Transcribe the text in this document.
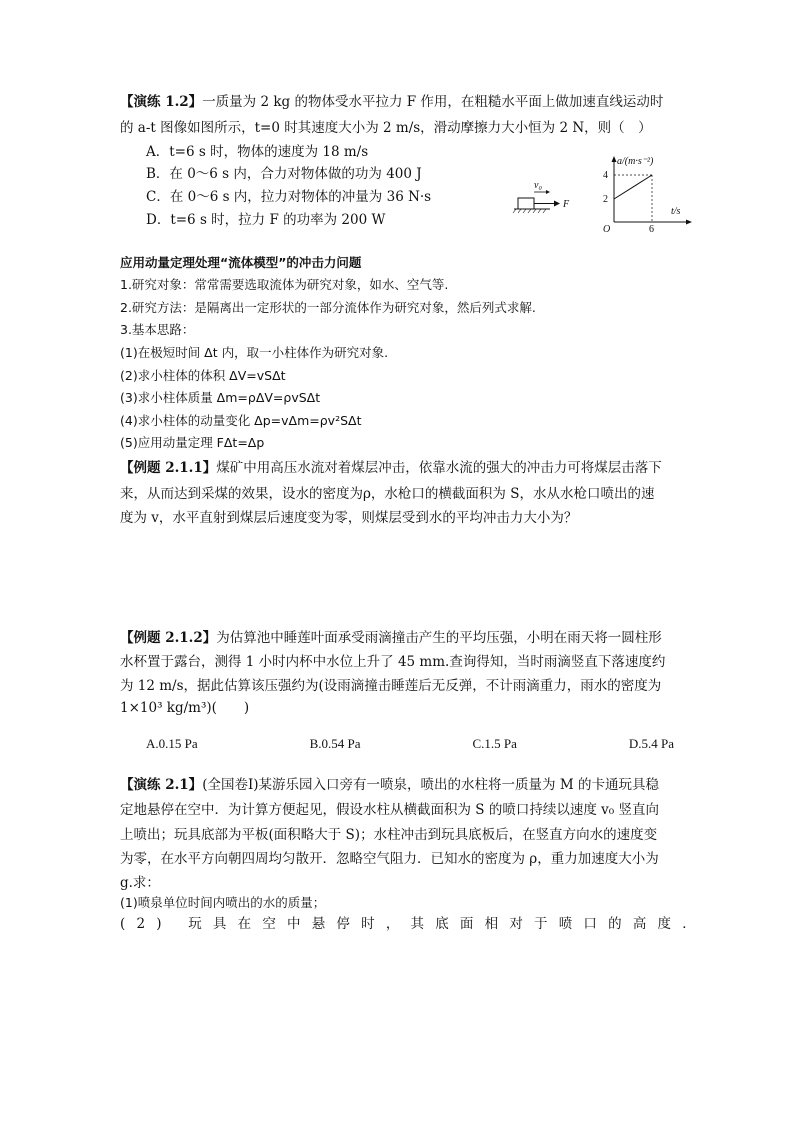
【演练 1.2】一质量为 2 kg 的物体受水平拉力 F 作用，在粗糙水平面上做加速直线运动时
的 a-t 图像如图所示，t=0 时其速度大小为 2 m/s，滑动摩擦力大小恒为 2 N，则（　）
A．t=6 s 时，物体的速度为 18 m/s
B．在 0～6 s 内，合力对物体做的功为 400 J
C．在 0～6 s 内，拉力对物体的冲量为 36 N·s
D．t=6 s 时，拉力 F 的功率为 200 W
F
v₀
a/(m·s⁻²)
t/s
4
2
O	6
应用动量定理处理“流体模型”的冲击力问题
1.研究对象：常常需要选取流体为研究对象，如水、空气等.
2.研究方法：是隔离出一定形状的一部分流体作为研究对象，然后列式求解.
3.基本思路：
(1)在极短时间 Δt 内，取一小柱体作为研究对象.
(2)求小柱体的体积 ΔV=vSΔt
(3)求小柱体质量 Δm=ρΔV=ρvSΔt
(4)求小柱体的动量变化 Δp=vΔm=ρv²SΔt
(5)应用动量定理 FΔt=Δp
【例题 2.1.1】煤矿中用高压水流对着煤层冲击，依靠水流的强大的冲击力可将煤层击落下
来，从而达到采煤的效果，设水的密度为ρ，水枪口的横截面积为 S，水从水枪口喷出的速
度为 v，水平直射到煤层后速度变为零，则煤层受到水的平均冲击力大小为？
【例题 2.1.2】为估算池中睡莲叶面承受雨滴撞击产生的平均压强，小明在雨天将一圆柱形
水杯置于露台，测得 1 小时内杯中水位上升了 45 mm.查询得知，当时雨滴竖直下落速度约
为 12 m/s，据此估算该压强约为(设雨滴撞击睡莲后无反弹，不计雨滴重力，雨水的密度为
1×10³ kg/m³)(　　)
A.0.15 Pa	B.0.54 Pa	C.1.5 Pa	D.5.4 Pa
【演练 2.1】(全国卷Ⅰ)某游乐园入口旁有一喷泉，喷出的水柱将一质量为 M 的卡通玩具稳
定地悬停在空中．为计算方便起见，假设水柱从横截面积为 S 的喷口持续以速度 v₀ 竖直向
上喷出；玩具底部为平板(面积略大于 S)；水柱冲击到玩具底板后，在竖直方向水的速度变
为零，在水平方向朝四周均匀散开．忽略空气阻力．已知水的密度为 ρ，重力加速度大小为
g.求：
(1)喷泉单位时间内喷出的水的质量；
(2) 玩具在空中悬停时，其底面相对于喷口的高度．
